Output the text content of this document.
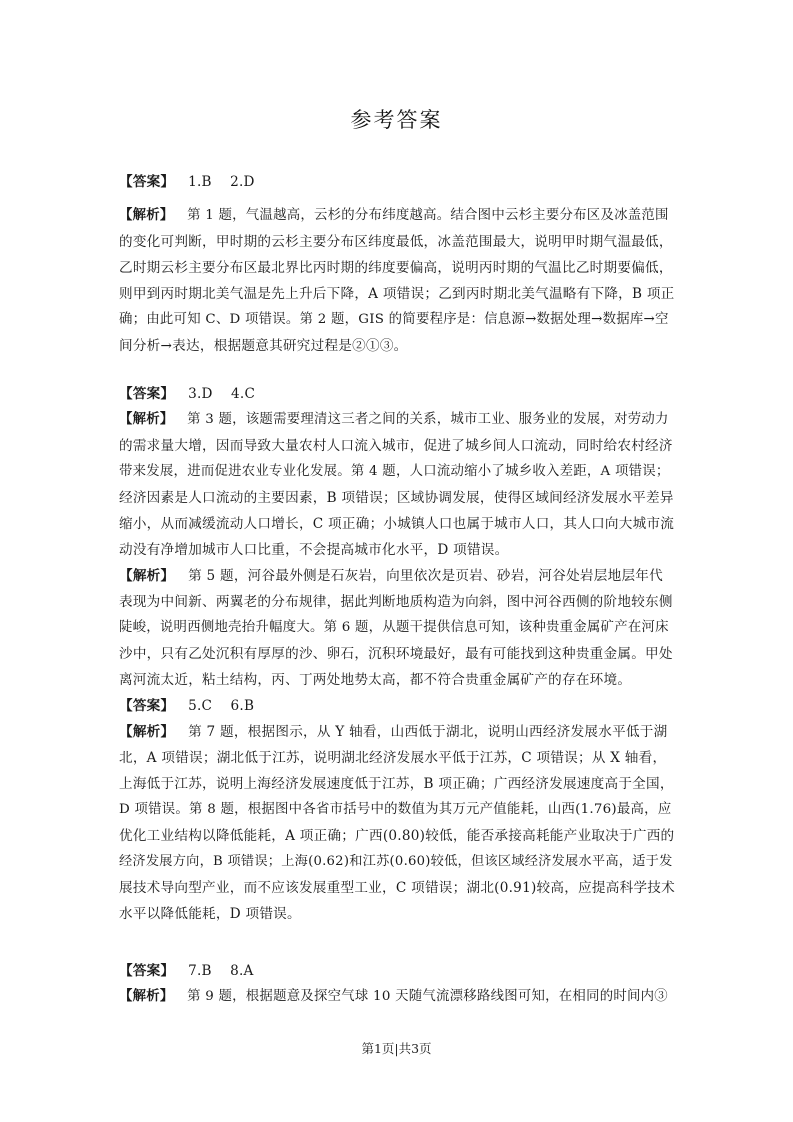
参考答案
【答案】   1.B    2.D
【解析】   第 1 题，气温越高，云杉的分布纬度越高。结合图中云杉主要分布区及冰盖范围
的变化可判断，甲时期的云杉主要分布区纬度最低，冰盖范围最大，说明甲时期气温最低，
乙时期云杉主要分布区最北界比丙时期的纬度要偏高，说明丙时期的气温比乙时期要偏低，
则甲到丙时期北美气温是先上升后下降，A 项错误；乙到丙时期北美气温略有下降，B 项正
确；由此可知 C、D 项错误。第 2 题，GIS 的简要程序是：信息源→数据处理→数据库→空
间分析→表达，根据题意其研究过程是②①③。
【答案】   3.D    4.C
【解析】   第 3 题，该题需要理清这三者之间的关系，城市工业、服务业的发展，对劳动力
的需求量大增，因而导致大量农村人口流入城市，促进了城乡间人口流动，同时给农村经济
带来发展，进而促进农业专业化发展。第 4 题，人口流动缩小了城乡收入差距，A 项错误；
经济因素是人口流动的主要因素，B 项错误；区域协调发展，使得区域间经济发展水平差异
缩小，从而减缓流动人口增长，C 项正确；小城镇人口也属于城市人口，其人口向大城市流
动没有净增加城市人口比重，不会提高城市化水平，D 项错误。
【解析】   第 5 题，河谷最外侧是石灰岩，向里依次是页岩、砂岩，河谷处岩层地层年代
表现为中间新、两翼老的分布规律，据此判断地质构造为向斜，图中河谷西侧的阶地较东侧
陡峻，说明西侧地壳抬升幅度大。第 6 题，从题干提供信息可知，该种贵重金属矿产在河床
沙中，只有乙处沉积有厚厚的沙、卵石，沉积环境最好，最有可能找到这种贵重金属。甲处
离河流太近，粘土结构，丙、丁两处地势太高，都不符合贵重金属矿产的存在环境。
【答案】   5.C    6.B
【解析】   第 7 题，根据图示，从 Y 轴看，山西低于湖北，说明山西经济发展水平低于湖
北，A 项错误；湖北低于江苏，说明湖北经济发展水平低于江苏，C 项错误；从 X 轴看，
上海低于江苏，说明上海经济发展速度低于江苏，B 项正确；广西经济发展速度高于全国，
D 项错误。第 8 题，根据图中各省市括号中的数值为其万元产值能耗，山西(1.76)最高，应
优化工业结构以降低能耗，A 项正确；广西(0.80)较低，能否承接高耗能产业取决于广西的
经济发展方向，B 项错误；上海(0.62)和江苏(0.60)较低，但该区域经济发展水平高，适于发
展技术导向型产业，而不应该发展重型工业，C 项错误；湖北(0.91)较高，应提高科学技术
水平以降低能耗，D 项错误。
【答案】   7.B    8.A
【解析】   第 9 题，根据题意及探空气球 10 天随气流漂移路线图可知，在相同的时间内③
第1页|共3页
